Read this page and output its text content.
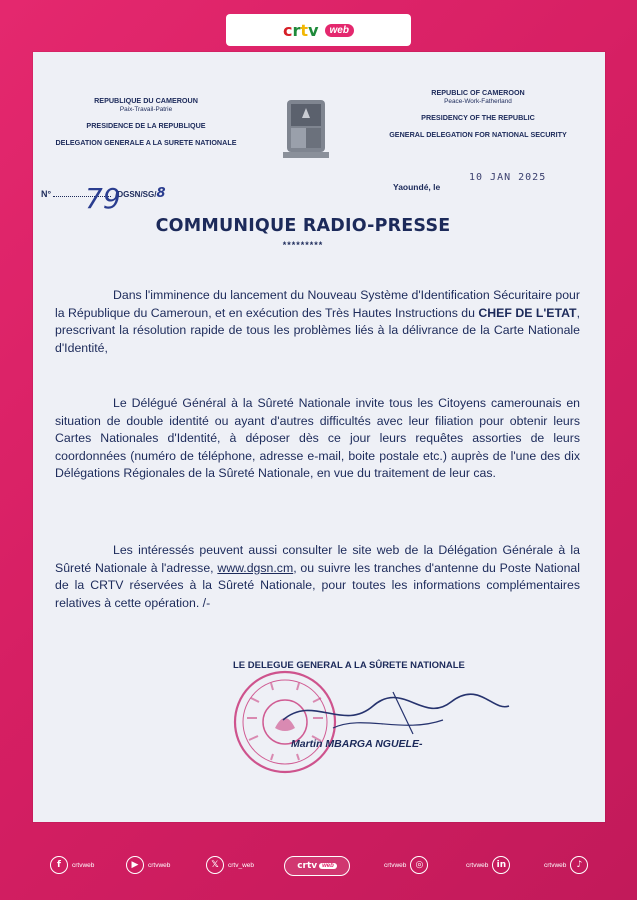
c r t v	web
REPUBLIQUE DU CAMEROUN
Paix-Travail-Patrie
PRESIDENCE DE LA REPUBLIQUE
DELEGATION GENERALE A LA SURETE NATIONALE
REPUBLIC OF CAMEROON
Peace-Work-Fatherland
PRESIDENCY OF THE REPUBLIC
GENERAL DELEGATION FOR NATIONAL SECURITY
N°	/DGSN/SG/ 8
79	Yaoundé, le
10 JAN 2025
COMMUNIQUE RADIO-PRESSE
*********

Dans l'imminence du lancement du Nouveau Système d'Identification Sécuritaire pour la République du Cameroun, et en exécution des Très Hautes Instructions du CHEF DE L'ETAT, prescrivant la résolution rapide de tous les problèmes liés à la délivrance de la Carte Nationale d'Identité,

Le Délégué Général à la Sûreté Nationale invite tous les Citoyens camerounais en situation de double identité ou ayant d'autres difficultés avec leur filiation pour obtenir leurs Cartes Nationales d'Identité, à déposer dès ce jour leurs requêtes assorties de leurs coordonnées (numéro de téléphone, adresse e-mail, boite postale etc.) auprès de l'une des dix Délégations Régionales de la Sûreté Nationale, en vue du traitement de leur cas.

Les intéressés peuvent aussi consulter le site web de la Délégation Générale à la Sûreté Nationale à l'adresse, www.dgsn.cm, ou suivre les tranches d'antenne du Poste National de la CRTV réservées à la Sûreté Nationale, pour toutes les informations complémentaires relatives à cette opération. /-

LE DELEGUE GENERAL A LA SÛRETE NATIONALE
Martin MBARGA NGUELE-
f	crtvweb	▶	crtvweb	𝕏	crtv_web	crtv web	crtvweb	◎	crtvweb in	crtvweb	♪
